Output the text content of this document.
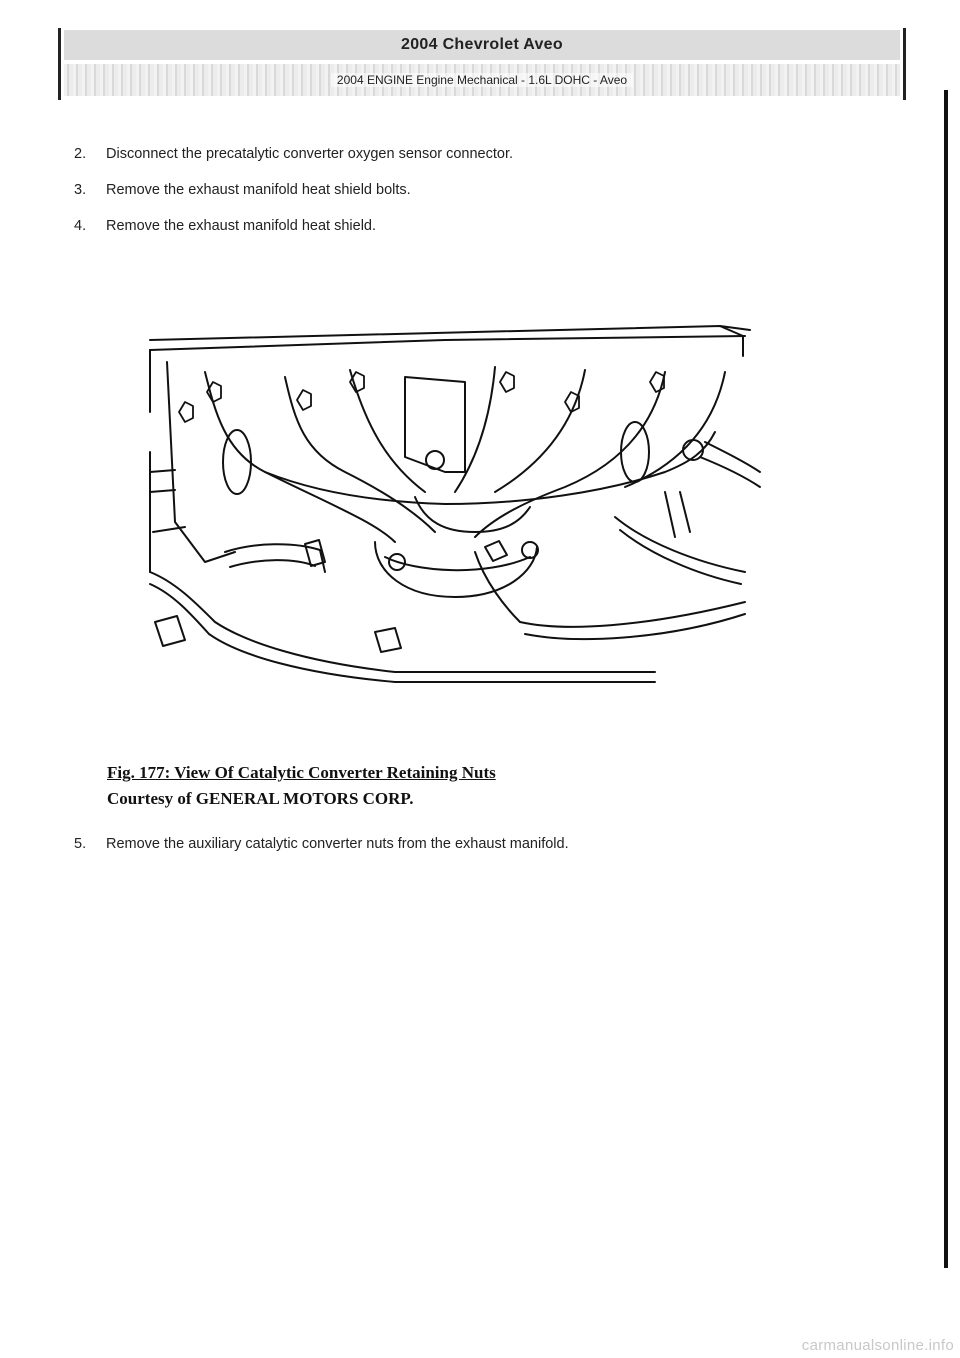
2004 Chevrolet Aveo
2004 ENGINE Engine Mechanical - 1.6L DOHC - Aveo
2. Disconnect the precatalytic converter oxygen sensor connector.
3. Remove the exhaust manifold heat shield bolts.
4. Remove the exhaust manifold heat shield.
Fig. 177: View Of Catalytic Converter Retaining Nuts
Courtesy of GENERAL MOTORS CORP.
5. Remove the auxiliary catalytic converter nuts from the exhaust manifold.
carmanualsonline.info
